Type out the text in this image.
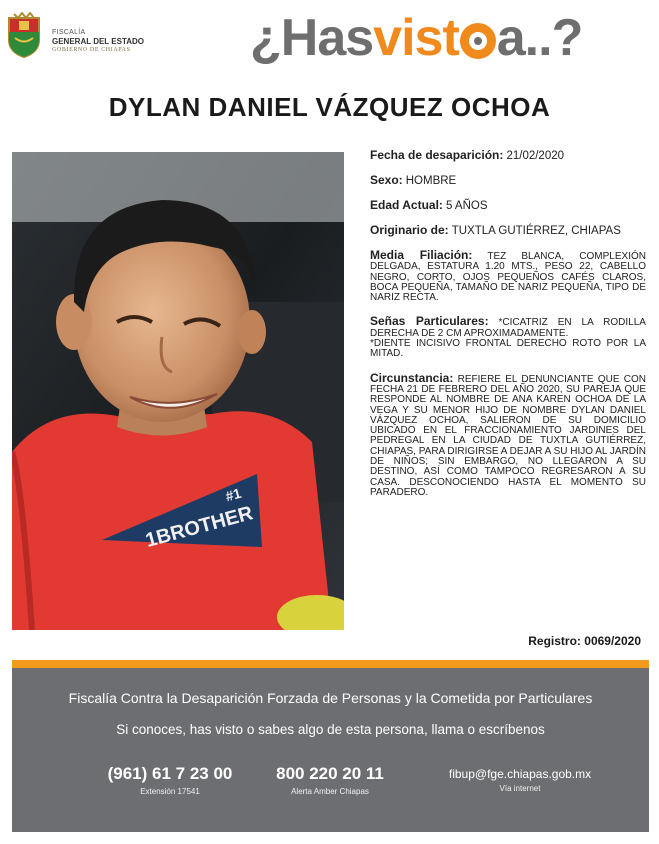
FISCALÍA
GENERAL DEL ESTADO
GOBIERNO DE CHIAPAS ¿Has vist a..?
DYLAN DANIEL VÁZQUEZ OCHOA
1BROTHER
#1
Fecha de desaparición: 21/02/2020
Sexo: HOMBRE
Edad Actual: 5 AÑOS
Originario de: TUXTLA GUTIÉRREZ, CHIAPAS
Media Filiación: TEZ BLANCA, COMPLEXIÓN DELGADA, ESTATURA 1.20 MTS., PESO 22, CABELLO NEGRO, CORTO, OJOS PEQUEÑOS CAFÉS CLAROS, BOCA PEQUEÑA, TAMAÑO DE NARIZ PEQUEÑA, TIPO DE NARIZ RECTA.
Señas Particulares: *CICATRIZ EN LA RODILLA DERECHA DE 2 CM APROXIMADAMENTE.
*DIENTE INCISIVO FRONTAL DERECHO ROTO POR LA MITAD.
Circunstancia: REFIERE EL DENUNCIANTE QUE CON FECHA 21 DE FEBRERO DEL AÑO 2020, SU PAREJA QUE RESPONDE AL NOMBRE DE ANA KAREN OCHOA DE LA VEGA Y SU MENOR HIJO DE NOMBRE DYLAN DANIEL VÁZQUEZ OCHOA, SALIERON DE SU DOMICILIO UBICADO EN EL FRACCIONAMIENTO JARDINES DEL PEDREGAL EN LA CIUDAD DE TUXTLA GUTIÉRREZ, CHIAPAS, PARA DIRIGIRSE A DEJAR A SU HIJO AL JARDÍN DE NIÑOS; SIN EMBARGO, NO LLEGARON A SU DESTINO, ASÍ COMO TAMPOCO REGRESARON A SU CASA. DESCONOCIENDO HASTA EL MOMENTO SU PARADERO.
Registro: 0069/2020
Fiscalía Contra la Desaparición Forzada de Personas y la Cometida por Particulares
Si conoces, has visto o sabes algo de esta persona, llama o escríbenos
(961) 61 7 23 00
Extensión 17541
800 220 20 11
Alerta Amber Chiapas
fibup@fge.chiapas.gob.mx
Vía internet
